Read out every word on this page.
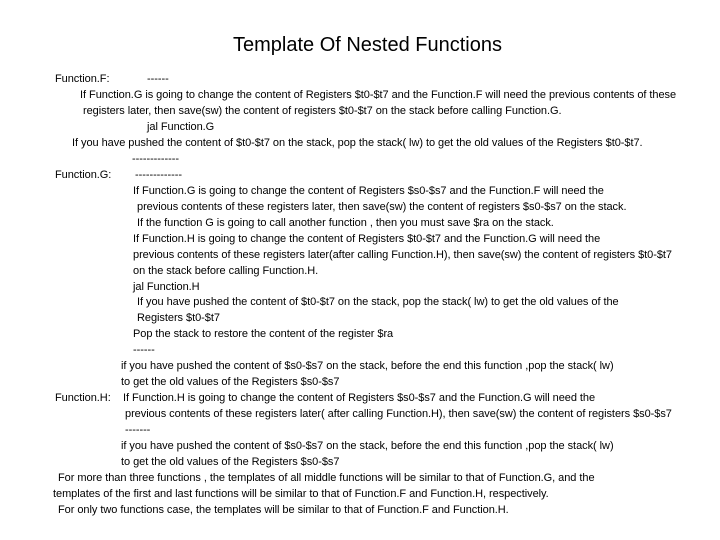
Template Of Nested Functions
Function.F:	------
If Function.G is going to change the content of Registers $t0-$t7 and the Function.F will need the previous contents of these
registers later, then save(sw) the content of registers $t0-$t7 on the stack before calling Function.G.
jal Function.G
If you have pushed the content of $t0-$t7 on the stack, pop the stack( lw) to get the old values of the Registers $t0-$t7.
-------------
Function.G: -------------
If Function.G is going to change the content of Registers $s0-$s7 and the Function.F will need the
previous contents of these registers later, then save(sw) the content of registers $s0-$s7 on the stack.
If the function G is going to call another function , then you must save $ra on the stack.
If Function.H is going to change the content of Registers $t0-$t7 and the Function.G will need the
previous contents of these registers later(after calling Function.H), then save(sw) the content of registers $t0-$t7
on the stack before calling Function.H.
jal Function.H
If you have pushed the content of $t0-$t7 on the stack, pop the stack( lw) to get the old values of the
Registers $t0-$t7
Pop the stack to restore the content of the register $ra
------
if you have pushed the content of $s0-$s7 on the stack, before the end this function ,pop the stack( lw)
to get the old values of the Registers $s0-$s7
Function.H: If Function.H is going to change the content of Registers $s0-$s7 and the Function.G will need the
previous contents of these registers later( after calling Function.H), then save(sw) the content of registers $s0-$s7
-------
if you have pushed the content of $s0-$s7 on the stack, before the end this function ,pop the stack( lw)
to get the old values of the Registers $s0-$s7
For more than three functions , the templates of all middle functions will be similar to that of Function.G, and the
templates of the first and last functions will be similar to that of Function.F and Function.H, respectively.
For only two functions case, the templates will be similar to that of Function.F and Function.H.
